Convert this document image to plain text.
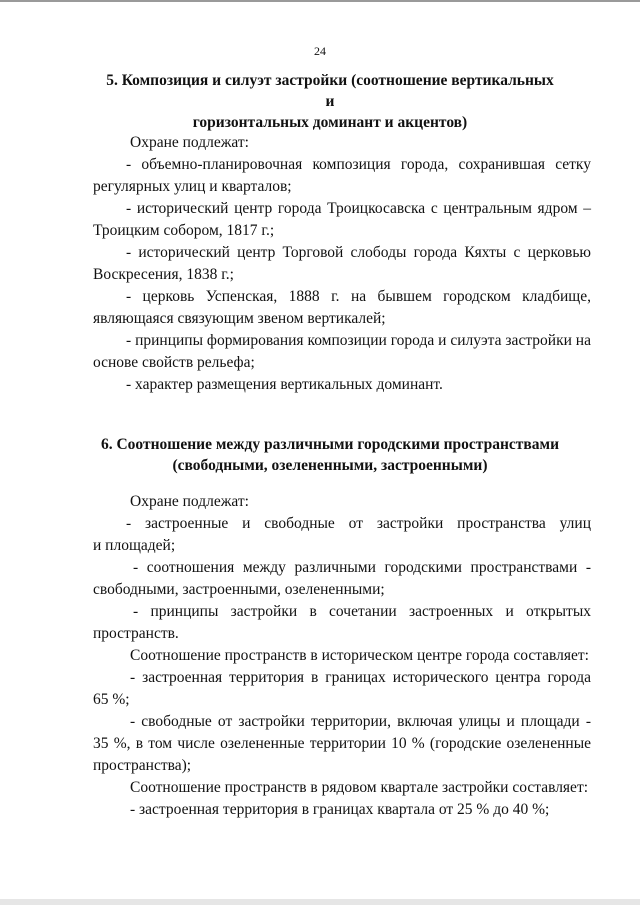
24
5. Композиция и силуэт застройки (соотношение вертикальных и
горизонтальных доминант и акцентов)
Охране подлежат:
- объемно-планировочная композиция города, сохранившая сетку
регулярных улиц и кварталов;
- исторический центр города Троицкосавска с центральным ядром –
Троицким собором, 1817 г.;
- исторический центр Торговой слободы города Кяхты с церковью
Воскресения, 1838 г.;
- церковь Успенская, 1888 г. на бывшем городском кладбище,
являющаяся связующим звеном вертикалей;
- принципы формирования композиции города и силуэта застройки на
основе свойств рельефа;
- характер размещения вертикальных доминант.
6. Соотношение между различными городскими пространствами
(свободными, озелененными, застроенными)
Охране подлежат:
- застроенные и свободные от застройки пространства улиц
и площадей;
- соотношения между различными городскими пространствами -
свободными, застроенными, озелененными;
- принципы застройки в сочетании застроенных и открытых
пространств.
Соотношение пространств в историческом центре города составляет:
- застроенная территория в границах исторического центра города
65 %;
- свободные от застройки территории, включая улицы и площади -
35 %, в том числе озелененные территории 10 % (городские озелененные
пространства);
Соотношение пространств в рядовом квартале застройки составляет:
- застроенная территория в границах квартала от 25 % до 40 %;
